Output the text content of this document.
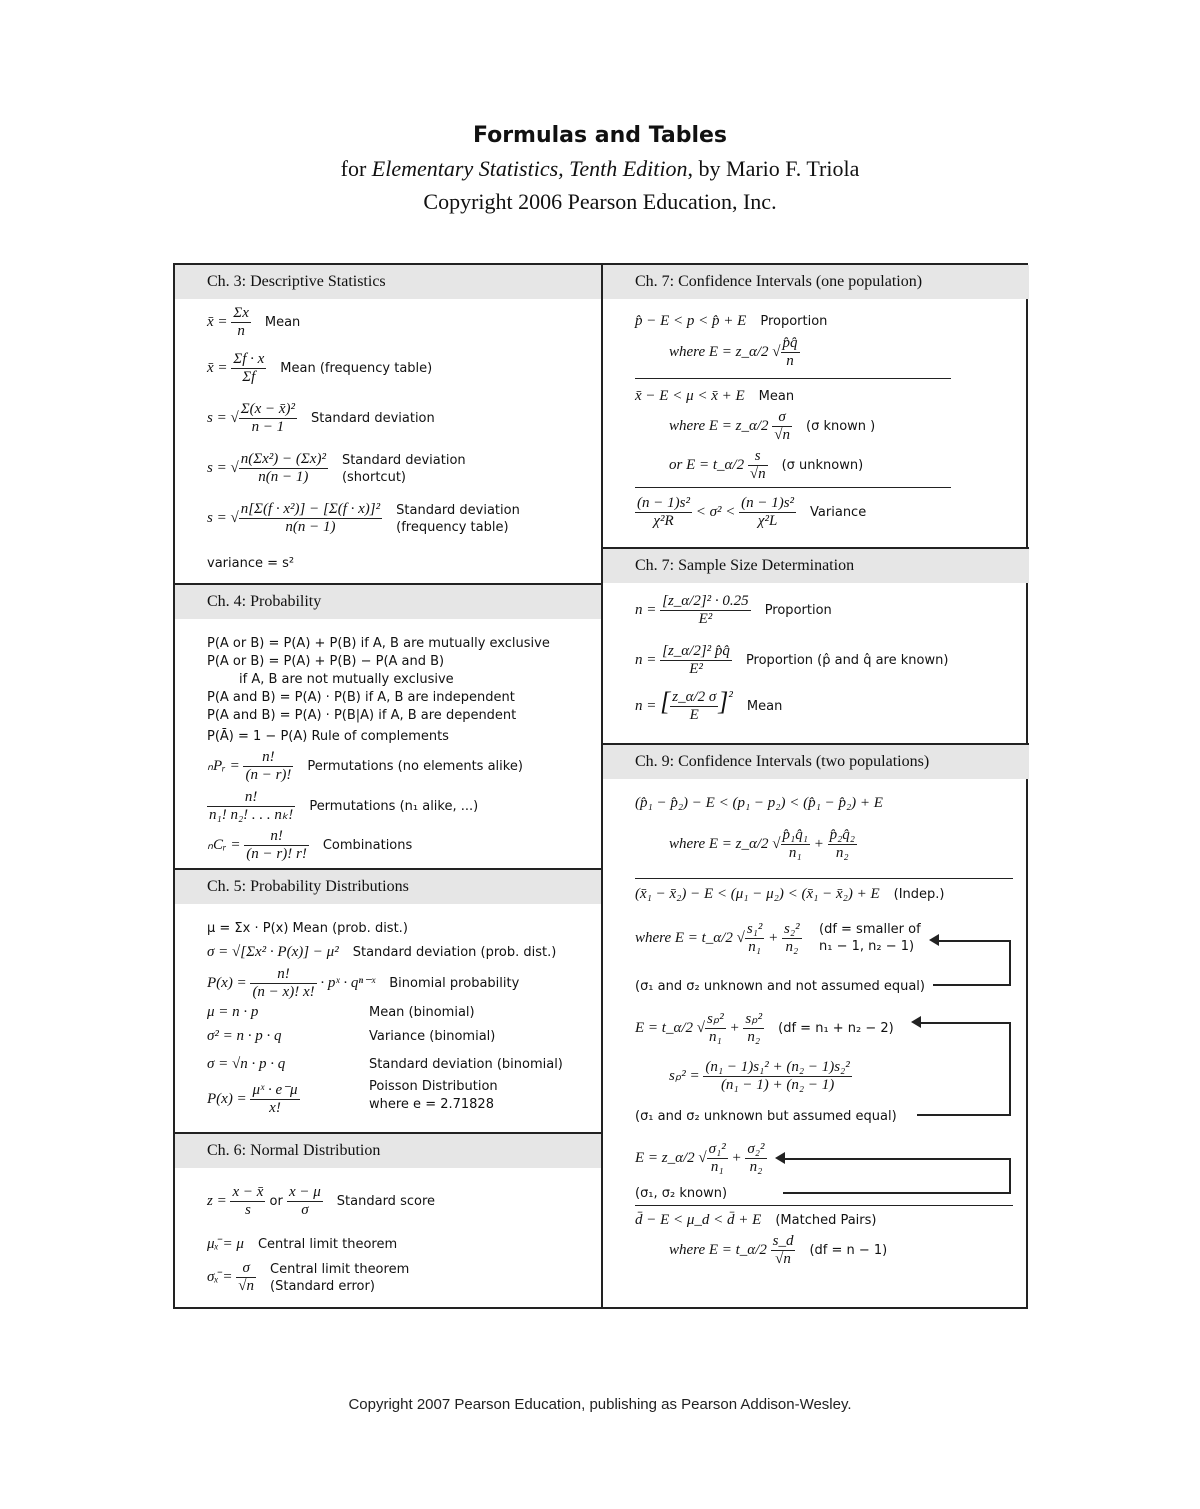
Formulas and Tables
for Elementary Statistics, Tenth Edition, by Mario F. Triola
Copyright 2006 Pearson Education, Inc.
Ch. 3: Descriptive Statistics
x̄ = $\frac{\Sigma x}{n}$ Mean
x̄ = $\frac{\Sigma f \cdot x}{\Sigma f}$ Mean (frequency table)
s = √ $\frac{\text{Σ(x − x̄)²}}{n - 1}$ Standard deviation
s = √ $\frac{\text{n(Σx²) − (Σx)²}}{n(n - 1)}$ Standard deviation
(shortcut)
s = √ $\frac{\text{n[Σ(f · x²)] − [Σ(f · x)]²}}{n(n - 1)}$ Standard deviation
(frequency table)
variance = s²
Ch. 4: Probability
P(A or B) = P(A) + P(B) if A, B are mutually exclusive
P(A or B) = P(A) + P(B) − P(A and B)
if A, B are not mutually exclusive
P(A and B) = P(A) · P(B) if A, B are independent
P(A and B) = P(A) · P(B|A) if A, B are dependent
P(Ā) = 1 − P(A) Rule of complements
ₙPᵣ = $\frac{n!}{(n - r)!}$ Permutations (no elements alike)
$\frac{n!}{\text{n₁! n₂! . . . nₖ!}}$ Permutations (n₁ alike, ...)
ₙCᵣ = $\frac{n!}{(n - r)! r!}$ Combinations
Ch. 5: Probability Distributions
μ = Σx · P(x) Mean (prob. dist.)
σ = √[Σx² · P(x)] − μ² Standard deviation (prob. dist.)
$P(x) = \frac{n!}{(n - x)! x!}$ · pˣ · qⁿ⁻ˣ Binomial probability
μ = n · p	Mean (binomial)
σ² = n · p · q	Variance (binomial)
σ = √n · p · q	Standard deviation (binomial)
$P(x) = \frac{\text{μˣ · e⁻μ}}{x!}$	Poisson Distribution
where e = 2.71828
Ch. 6: Normal Distribution
$z = \frac{x - x̄}{s}$ or $\frac{x - \mu}{\sigma}$ Standard score
μₓ̄ = μ Central limit theorem
σₓ̄ = $\frac{\sigma}{√n}$ Central limit theorem
(Standard error)
Ch. 7: Confidence Intervals (one population)
p̂ − E < p < p̂ + E Proportion
where E = z_α/2 √ $\frac{p̂q̂}{n}$
x̄ − E < μ < x̄ + E Mean
where E = z_α/2 $\frac{\sigma}{√n} (\sigma$ known )
or E = t_α/2 $\frac{s}{√n} (\sigma$ unknown)
$\frac{\text{(n − 1)s²}}{\text{χ²R}} < \sigma^2 < \frac{\text{(n − 1)s²}}{\text{χ²L}}$ Variance
Ch. 7: Sample Size Determination
$n = \frac{\text{[z\_α/2]² · 0.25}}{\text{E²}}$ Proportion
$n = \frac{\text{[z\_α/2]² p̂q̂}}{\text{E²}}$ Proportion (p̂ and q̂ are known)
n = [ $\frac{z\_\alpha/2 \sigma}{E}$ ]²Mean
Ch. 9: Confidence Intervals (two populations)
(p̂₁ − p̂₂) − E < (p₁ − p₂) < (p̂₁ − p̂₂) + E
where E = z_α/2 √ $\frac{\text{p̂₁q̂₁}}{\text{n₁}} + \frac{\text{p̂₂q̂₂}}{\text{n₂}}$
(x̄₁ − x̄₂) − E < (μ₁ − μ₂) < (x̄₁ − x̄₂) + E (Indep.)
where E = t_α/2 √ $\frac{\text{s₁²}}{\text{n₁}} + \frac{\text{s₂²}}{\text{n₂}} (df$ = smaller of
n₁ − 1, n₂ − 1)
(σ₁ and σ₂ unknown and not assumed equal)
E = t_α/2 √ $\frac{\text{sₚ²}}{\text{n₁}} + \frac{\text{sₚ²}}{\text{n₂}} (df = n_1 + n_2 - 2)$
$s_p^2 = \frac{\text{(n₁ − 1)s₁² + (n₂ − 1)s₂²}}{\text{(n₁ − 1) + (n₂ − 1)}}$
(σ₁ and σ₂ unknown but assumed equal)
E = z_α/2 √ $\frac{\text{σ₁²}}{\text{n₁}} + \frac{\text{σ₂²}}{\text{n₂}}$
(σ₁, σ₂ known)
d̄ − E < μ_d < d̄ + E (Matched Pairs)
where E = t_α/2 $\frac{s\_d}{√n} (df = n - 1)$
Copyright 2007 Pearson Education, publishing as Pearson Addison-Wesley.
